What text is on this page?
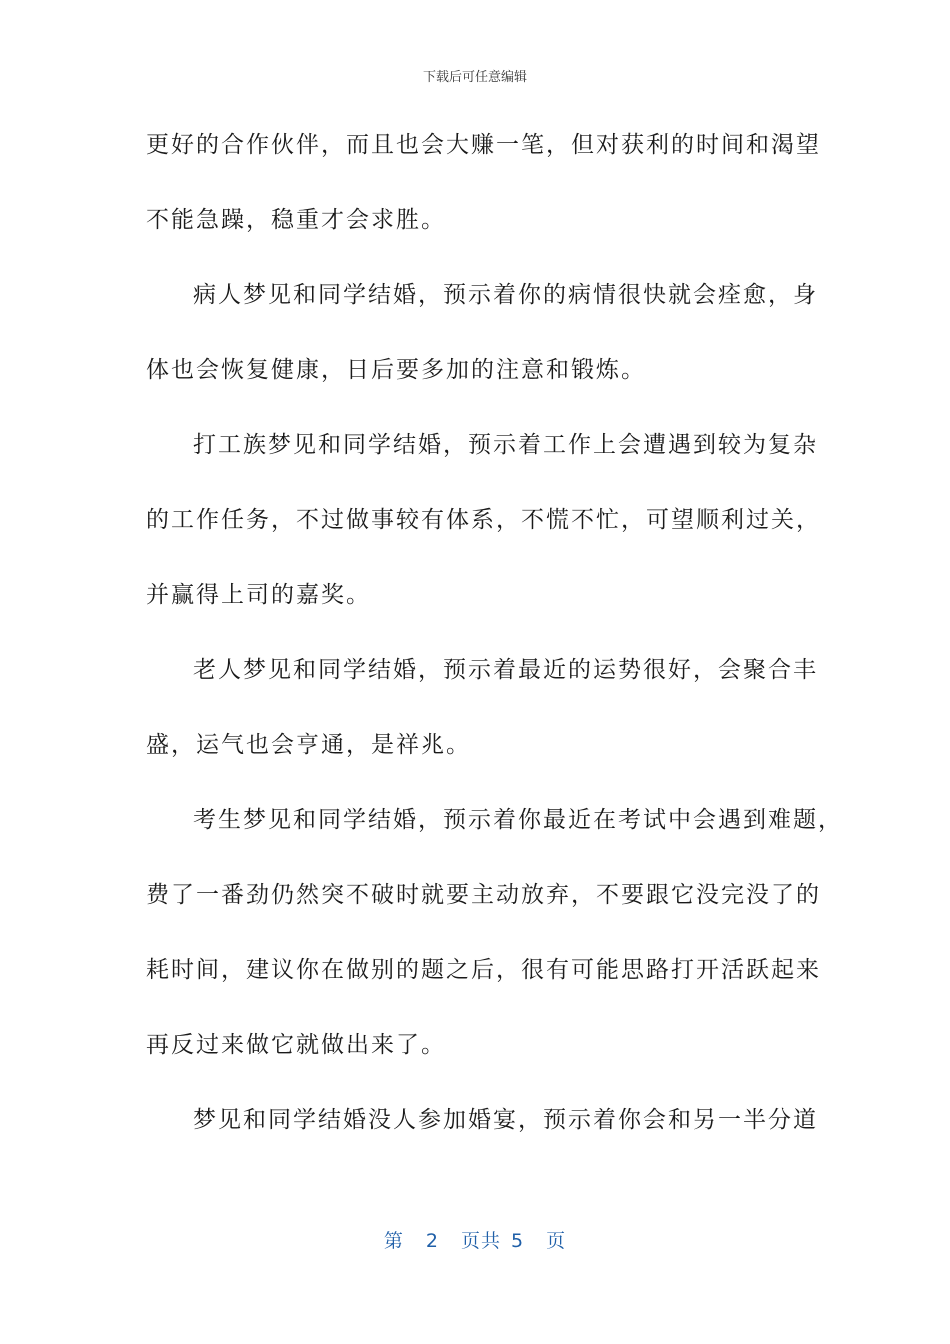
下载后可任意编辑
更好的合作伙伴，而且也会大赚一笔，但对获利的时间和渴望
不能急躁，稳重才会求胜。
病人梦见和同学结婚，预示着你的病情很快就会痊愈，身
体也会恢复健康，日后要多加的注意和锻炼。
打工族梦见和同学结婚，预示着工作上会遭遇到较为复杂
的工作任务，不过做事较有体系，不慌不忙，可望顺利过关，
并赢得上司的嘉奖。
老人梦见和同学结婚，预示着最近的运势很好，会聚合丰
盛，运气也会亨通，是祥兆。
考生梦见和同学结婚，预示着你最近在考试中会遇到难题，
费了一番劲仍然突不破时就要主动放弃，不要跟它没完没了的
耗时间，建议你在做别的题之后，很有可能思路打开活跃起来
再反过来做它就做出来了。
梦见和同学结婚没人参加婚宴，预示着你会和另一半分道
第 2 页共 5 页
